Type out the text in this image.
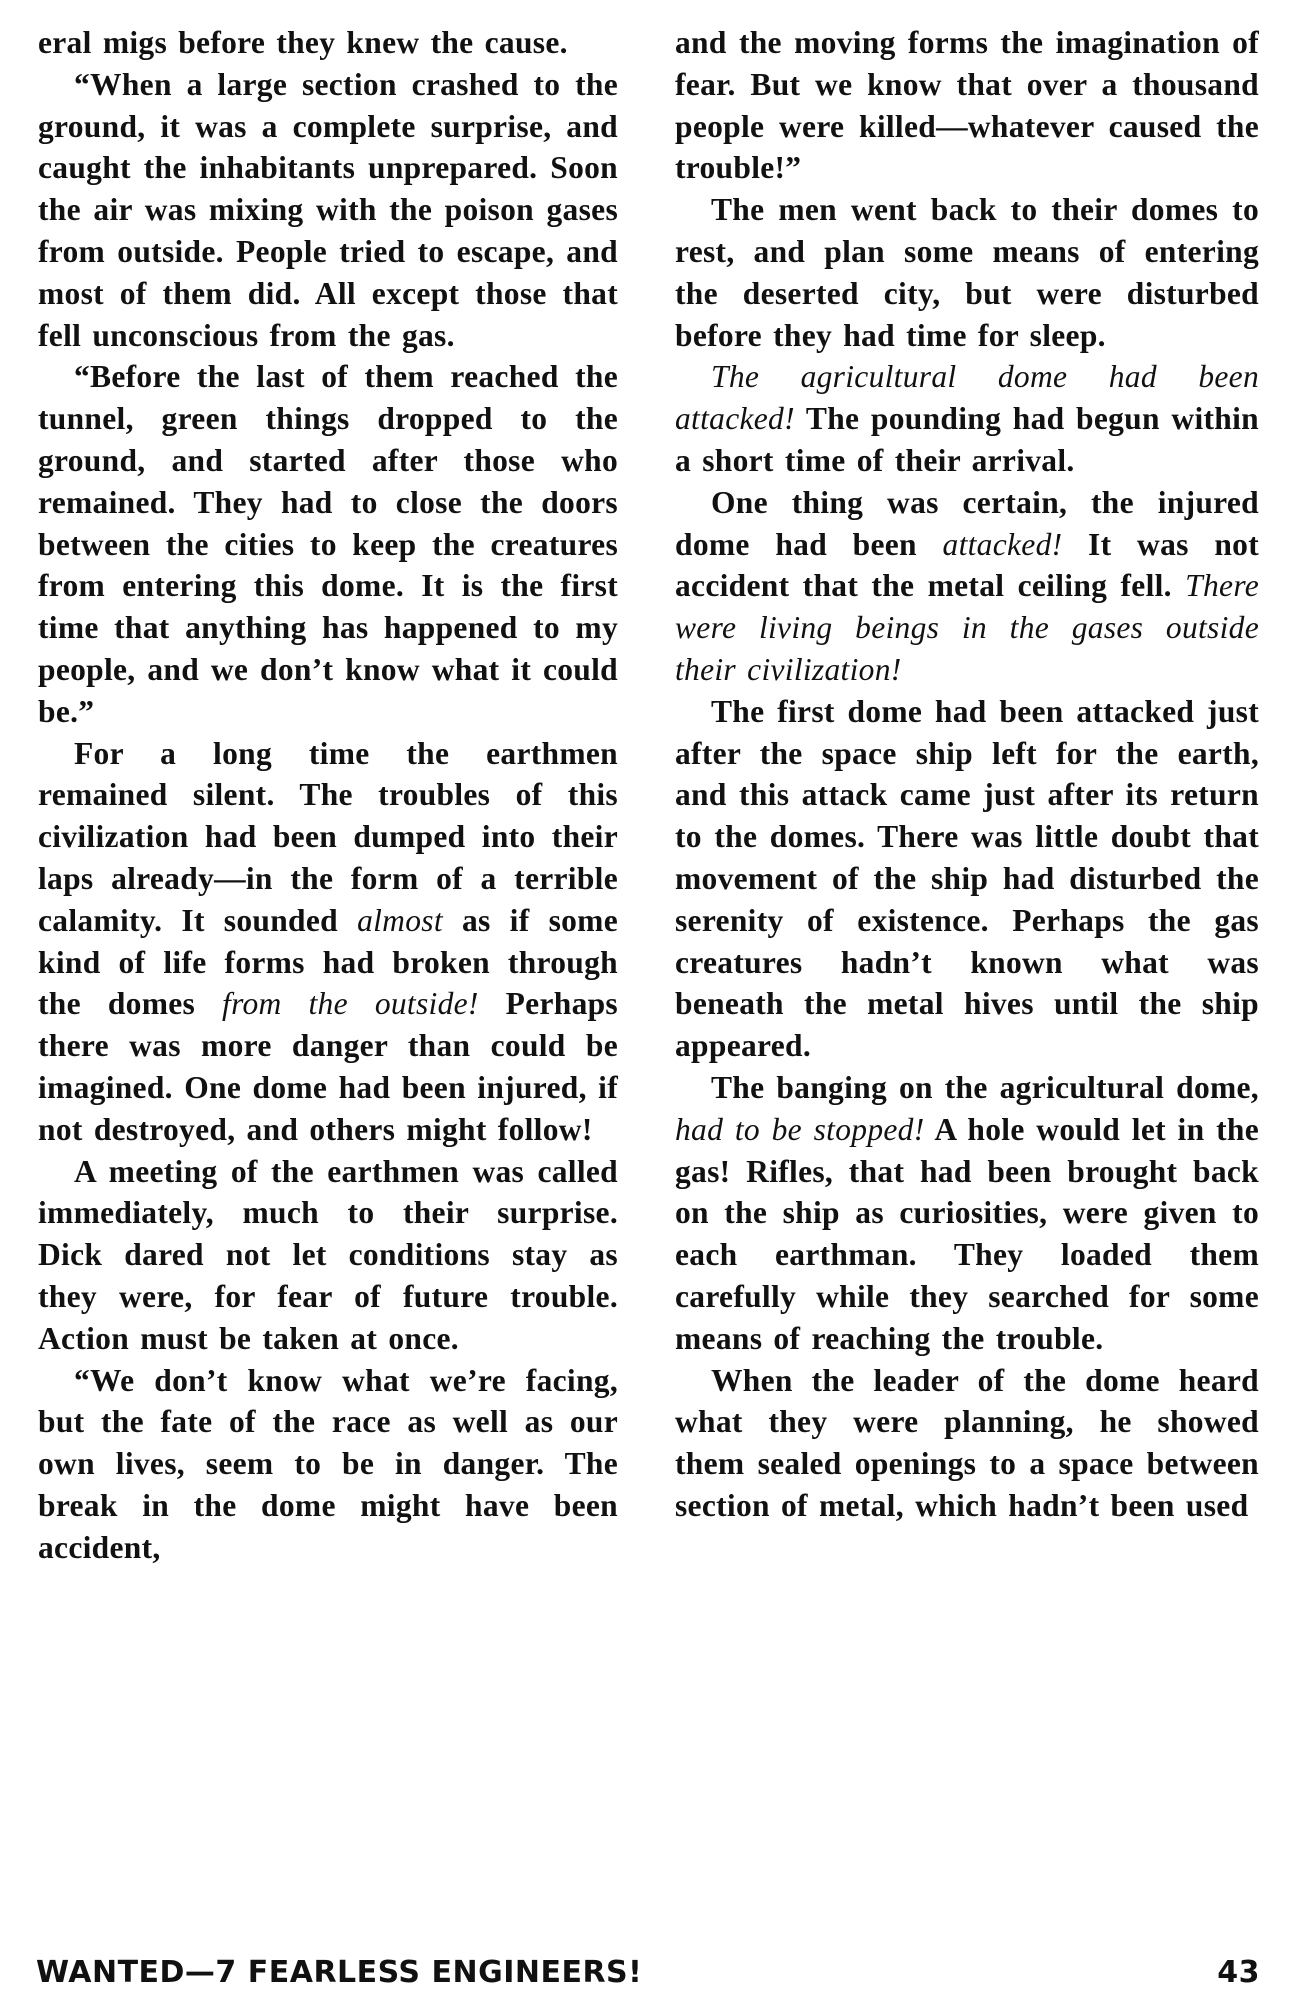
eral migs before they knew the cause.

“When a large section crashed to the ground, it was a complete surprise, and caught the inhabitants unprepared. Soon the air was mixing with the poison gases from outside. People tried to escape, and most of them did. All except those that fell unconscious from the gas.

“Before the last of them reached the tunnel, green things dropped to the ground, and started after those who remained. They had to close the doors between the cities to keep the creatures from entering this dome. It is the first time that anything has happened to my people, and we don’t know what it could be.”

For a long time the earthmen remained silent. The troubles of this civilization had been dumped into their laps already—in the form of a terrible calamity. It sounded almost as if some kind of life forms had broken through the domes from the outside! Perhaps there was more danger than could be imagined. One dome had been injured, if not destroyed, and others might follow!

A meeting of the earthmen was called immediately, much to their surprise. Dick dared not let conditions stay as they were, for fear of future trouble. Action must be taken at once.

“We don’t know what we’re facing, but the fate of the race as well as our own lives, seem to be in danger. The break in the dome might have been accident,

and the moving forms the imagination of fear. But we know that over a thousand people were killed—whatever caused the trouble!”

The men went back to their domes to rest, and plan some means of entering the deserted city, but were disturbed before they had time for sleep.

The agricultural dome had been attacked! The pounding had begun within a short time of their arrival.

One thing was certain, the injured dome had been attacked! It was not accident that the metal ceiling fell. There were living beings in the gases outside their civilization!

The first dome had been attacked just after the space ship left for the earth, and this attack came just after its return to the domes. There was little doubt that movement of the ship had disturbed the serenity of existence. Perhaps the gas creatures hadn’t known what was beneath the metal hives until the ship appeared.

The banging on the agricultural dome, had to be stopped! A hole would let in the gas! Rifles, that had been brought back on the ship as curiosities, were given to each earthman. They loaded them carefully while they searched for some means of reaching the trouble.

When the leader of the dome heard what they were planning, he showed them sealed openings to a space between section of metal, which hadn’t been used

WANTED—7 FEARLESS ENGINEERS!	43
